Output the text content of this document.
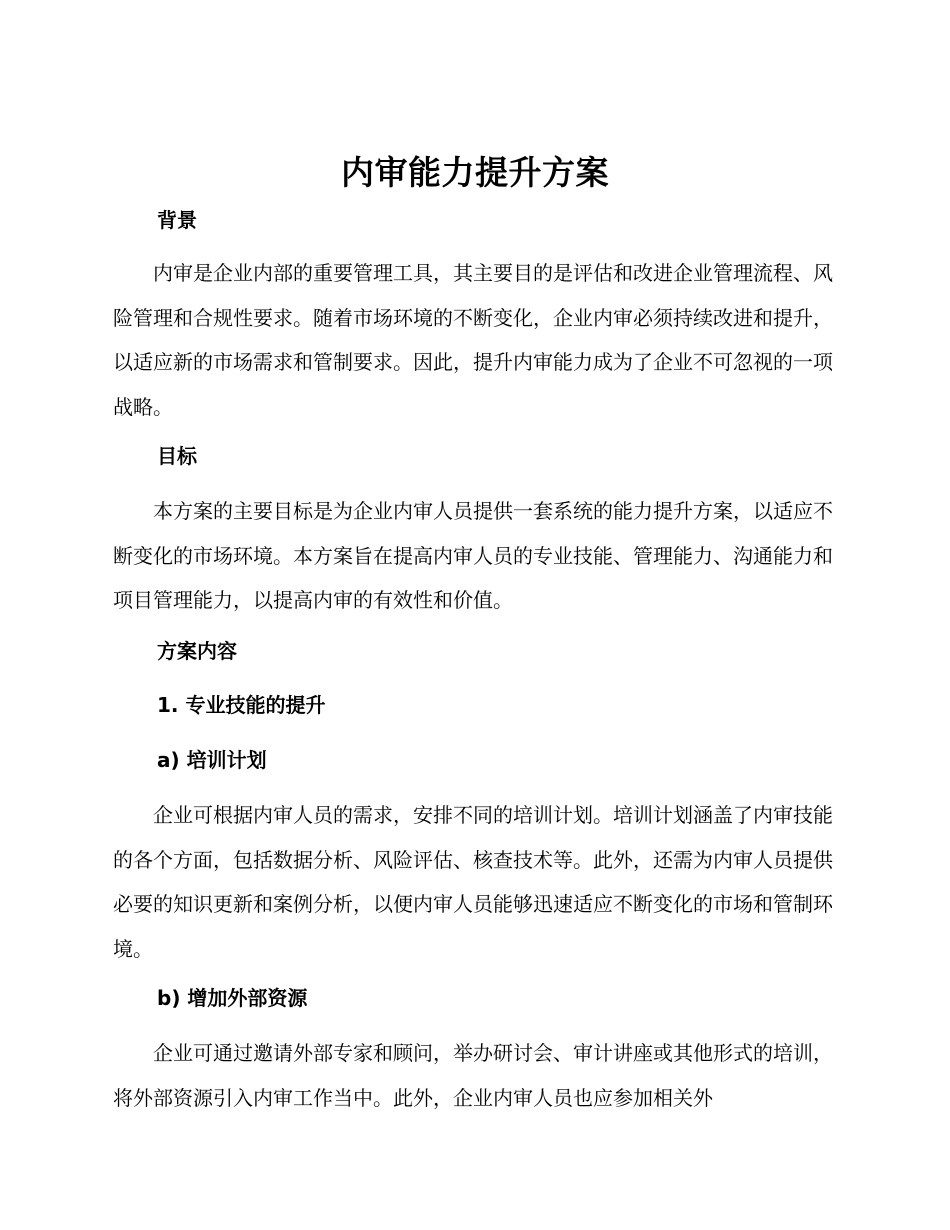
内审能力提升方案
背景

内审是企业内部的重要管理工具，其主要目的是评估和改进企业管理流程、风险管理和合规性要求。随着市场环境的不断变化，企业内审必须持续改进和提升，以适应新的市场需求和管制要求。因此，提升内审能力成为了企业不可忽视的一项战略。

目标

本方案的主要目标是为企业内审人员提供一套系统的能力提升方案，以适应不断变化的市场环境。本方案旨在提高内审人员的专业技能、管理能力、沟通能力和项目管理能力，以提高内审的有效性和价值。

方案内容
1. 专业技能的提升
a) 培训计划

企业可根据内审人员的需求，安排不同的培训计划。培训计划涵盖了内审技能的各个方面，包括数据分析、风险评估、核查技术等。此外，还需为内审人员提供必要的知识更新和案例分析，以便内审人员能够迅速适应不断变化的市场和管制环境。

b) 增加外部资源

企业可通过邀请外部专家和顾问，举办研讨会、审计讲座或其他形式的培训，将外部资源引入内审工作当中。此外，企业内审人员也应参加相关外
